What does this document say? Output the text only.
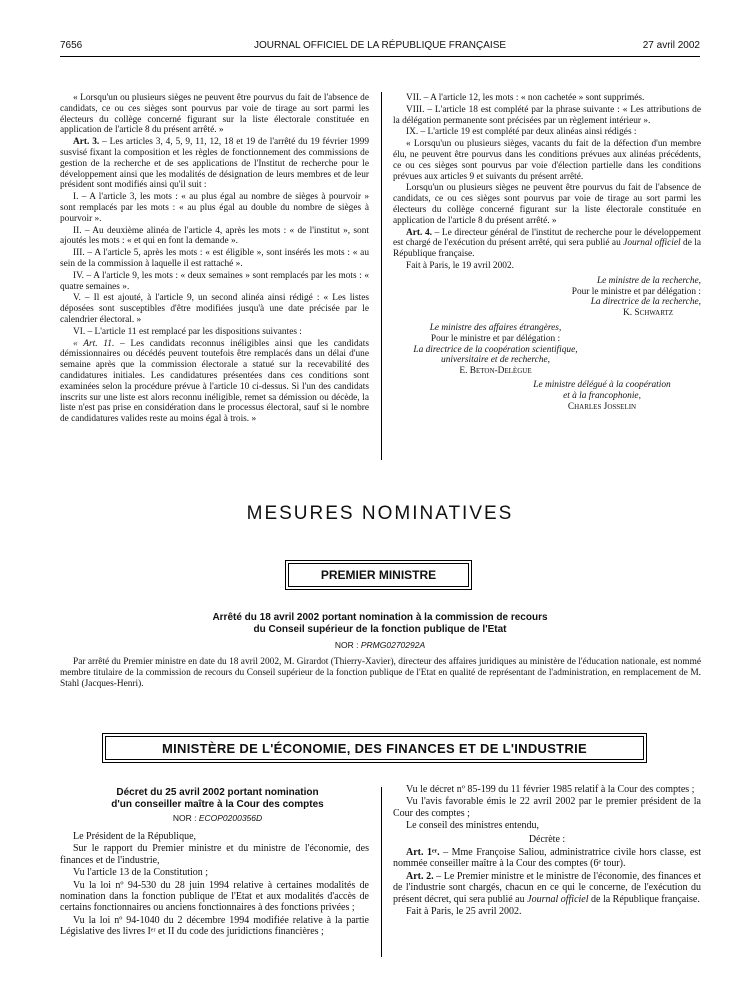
7656	JOURNAL OFFICIEL DE LA RÉPUBLIQUE FRANÇAISE	27 avril 2002

« Lorsqu'un ou plusieurs sièges ne peuvent être pourvus du fait de l'absence de candidats, ce ou ces sièges sont pourvus par voie de tirage au sort parmi les électeurs du collège concerné figurant sur la liste électorale constituée en application de l'article 8 du présent arrêté. »

Art. 3. – Les articles 3, 4, 5, 9, 11, 12, 18 et 19 de l'arrêté du 19 février 1999 susvisé fixant la composition et les règles de fonctionnement des commissions de gestion de la recherche et de ses applications de l'Institut de recherche pour le développement ainsi que les modalités de désignation de leurs membres et de leur président sont modifiés ainsi qu'il suit :

I. – A l'article 3, les mots : « au plus égal au nombre de sièges à pourvoir » sont remplacés par les mots : « au plus égal au double du nombre de sièges à pourvoir ».

II. – Au deuxième alinéa de l'article 4, après les mots : « de l'institut », sont ajoutés les mots : « et qui en font la demande ».

III. – A l'article 5, après les mots : « est éligible », sont insérés les mots : « au sein de la commission à laquelle il est rattaché ».

IV. – A l'article 9, les mots : « deux semaines » sont remplacés par les mots : « quatre semaines ».

V. – Il est ajouté, à l'article 9, un second alinéa ainsi rédigé : « Les listes déposées sont susceptibles d'être modifiées jusqu'à une date précisée par le calendrier électoral. »

VI. – L'article 11 est remplacé par les dispositions suivantes :

« Art. 11. – Les candidats reconnus inéligibles ainsi que les candidats démissionnaires ou décédés peuvent toutefois être remplacés dans un délai d'une semaine après que la commission électorale a statué sur la recevabilité des candidatures initiales. Les candidatures présentées dans ces conditions sont examinées selon la procédure prévue à l'article 10 ci-dessus. Si l'un des candidats inscrits sur une liste est alors reconnu inéligible, remet sa démission ou décède, la liste n'est pas prise en considération dans le processus électoral, sauf si le nombre de candidatures valides reste au moins égal à trois. »

VII. – A l'article 12, les mots : « non cachetée » sont supprimés.

VIII. – L'article 18 est complété par la phrase suivante : « Les attributions de la délégation permanente sont précisées par un règlement intérieur ».

IX. – L'article 19 est complété par deux alinéas ainsi rédigés :

« Lorsqu'un ou plusieurs sièges, vacants du fait de la défection d'un membre élu, ne peuvent être pourvus dans les conditions prévues aux alinéas précédents, ce ou ces sièges sont pourvus par voie d'élection partielle dans les conditions prévues aux articles 9 et suivants du présent arrêté.

Lorsqu'un ou plusieurs sièges ne peuvent être pourvus du fait de l'absence de candidats, ce ou ces sièges sont pourvus par voie de tirage au sort parmi les électeurs du collège concerné figurant sur la liste électorale constituée en application de l'article 8 du présent arrêté. »

Art. 4. – Le directeur général de l'institut de recherche pour le développement est chargé de l'exécution du présent arrêté, qui sera publié au Journal officiel de la République française.

Fait à Paris, le 19 avril 2002.

Le ministre de la recherche,

Pour le ministre et par délégation :

La directrice de la recherche,

K. Schwartz

Le ministre des affaires étrangères,

Pour le ministre et par délégation :

La directrice de la coopération scientifique,

universitaire et de recherche,

E. Beton-Delègue

Le ministre délégué à la coopération

et à la francophonie,

Charles Josselin

MESURES NOMINATIVES
PREMIER MINISTRE
Arrêté du 18 avril 2002 portant nomination à la commission de recours
du Conseil supérieur de la fonction publique de l'Etat
NOR : PRMG0270292A

Par arrêté du Premier ministre en date du 18 avril 2002, M. Girardot (Thierry-Xavier), directeur des affaires juridiques au ministère de l'éducation nationale, est nommé membre titulaire de la commission de recours du Conseil supérieur de la fonction publique de l'Etat en qualité de représentant de l'administration, en remplacement de M. Stahl (Jacques-Henri).

MINISTÈRE DE L'ÉCONOMIE, DES FINANCES ET DE L'INDUSTRIE
Décret du 25 avril 2002 portant nomination
d'un conseiller maître à la Cour des comptes
NOR : ECOP0200356D

Le Président de la République,

Sur le rapport du Premier ministre et du ministre de l'économie, des finances et de l'industrie,

Vu l'article 13 de la Constitution ;

Vu la loi nº 94-530 du 28 juin 1994 relative à certaines modalités de nomination dans la fonction publique de l'Etat et aux modalités d'accès de certains fonctionnaires ou anciens fonctionnaires à des fonctions privées ;

Vu la loi nº 94-1040 du 2 décembre 1994 modifiée relative à la partie Législative des livres Iᵉʳ et II du code des juridictions financières ;

Vu le décret nº 85-199 du 11 février 1985 relatif à la Cour des comptes ;

Vu l'avis favorable émis le 22 avril 2002 par le premier président de la Cour des comptes ;

Le conseil des ministres entendu,

Décrète :

Art. 1ᵉʳ. – Mme Françoise Saliou, administratrice civile hors classe, est nommée conseiller maître à la Cour des comptes (6ᵉ tour).

Art. 2. – Le Premier ministre et le ministre de l'économie, des finances et de l'industrie sont chargés, chacun en ce qui le concerne, de l'exécution du présent décret, qui sera publié au Journal officiel de la République française.

Fait à Paris, le 25 avril 2002.
